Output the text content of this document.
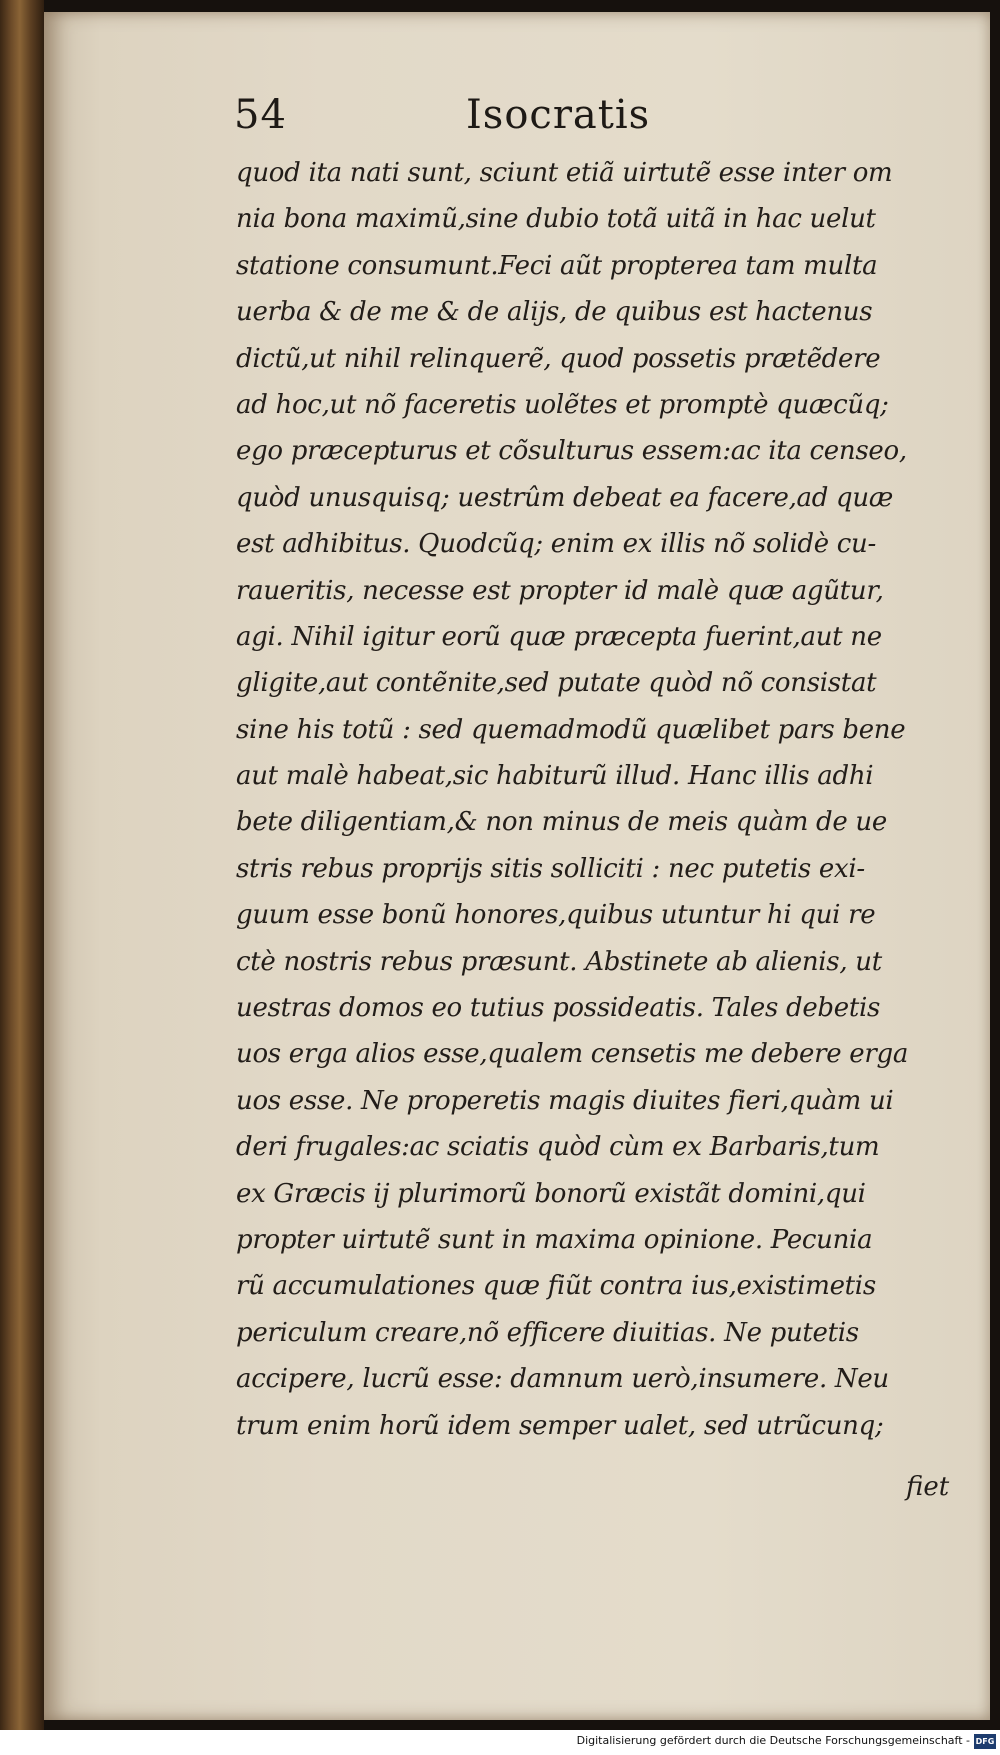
54	Isocratis
quod ita nati sunt, sciunt etiã uirtutẽ esse inter om
nia bona maximũ,sine dubio totã uitã in hac uelut
statione consumunt.Feci aũt propterea tam multa
uerba & de me & de alijs, de quibus est hactenus
dictũ,ut nihil relinquerẽ, quod possetis prætẽdere
ad hoc,ut nõ faceretis uolẽtes et promptè quæcũq;
ego præcepturus et cõsulturus essem:ac ita censeo,
quòd unusquisq; uestrûm debeat ea facere,ad quæ
est adhibitus. Quodcũq; enim ex illis nõ solidè cu-
raueritis, necesse est propter id malè quæ agũtur,
agi. Nihil igitur eorũ quæ præcepta fuerint,aut ne
gligite,aut contẽnite,sed putate quòd nõ consistat
sine his totũ : sed quemadmodũ quælibet pars bene
aut malè habeat,sic habiturũ illud. Hanc illis adhi
bete diligentiam,& non minus de meis quàm de ue
stris rebus proprijs sitis solliciti : nec putetis exi-
guum esse bonũ honores,quibus utuntur hi qui re
ctè nostris rebus præsunt. Abstinete ab alienis, ut
uestras domos eo tutius possideatis. Tales debetis
uos erga alios esse,qualem censetis me debere erga
uos esse. Ne properetis magis diuites fieri,quàm ui
deri frugales:ac sciatis quòd cùm ex Barbaris,tum
ex Græcis ij plurimorũ bonorũ existãt domini,qui
propter uirtutẽ sunt in maxima opinione. Pecunia
rũ accumulationes quæ fiũt contra ius,existimetis
periculum creare,nõ efficere diuitias. Ne putetis
accipere, lucrũ esse: damnum uerò,insumere. Neu
trum enim horũ idem semper ualet, sed utrũcunq;
fiet
Digitalisierung gefördert durch die Deutsche Forschungsgemeinschaft - DFG
